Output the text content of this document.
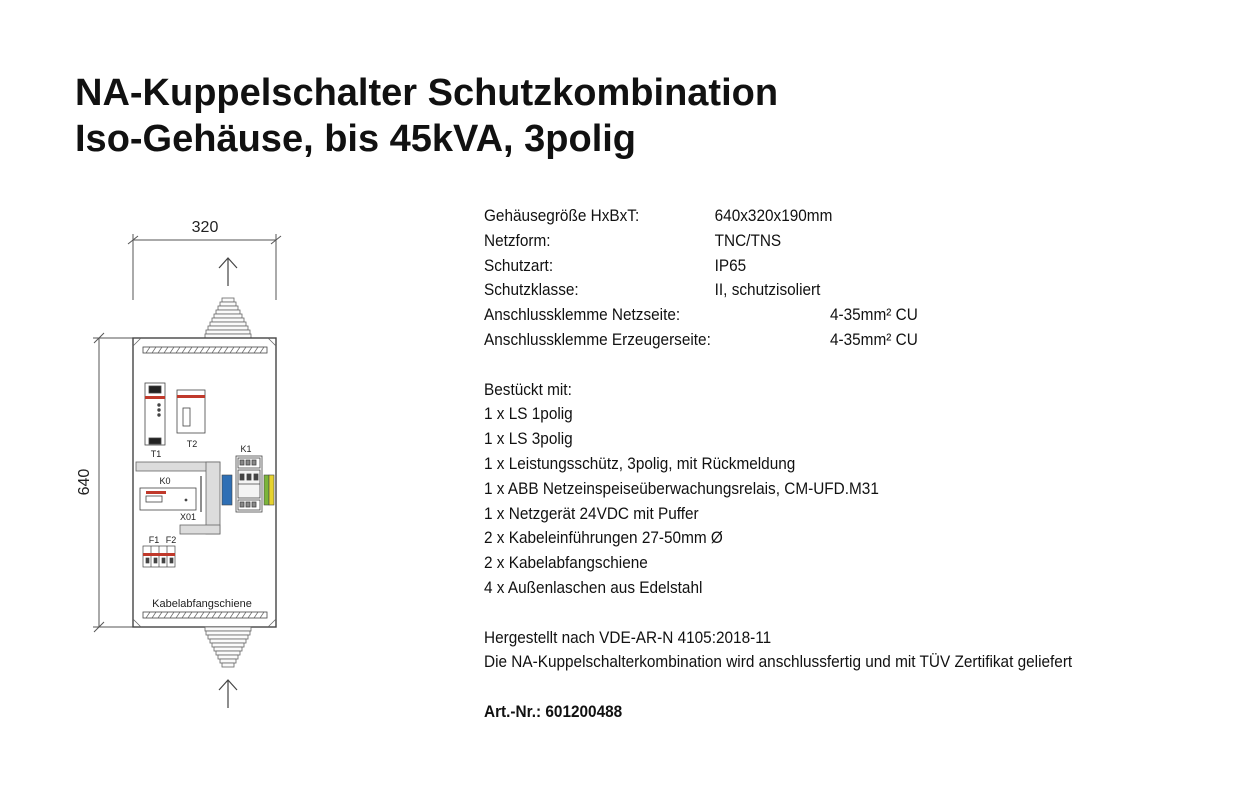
NA-Kuppelschalter Schutzkombination
Iso-Gehäuse, bis 45kVA, 3polig
320
640
T1
T2	K1
K0
X01
F1 F2
Kabelabfangschiene
Gehäusegröße HxBxT:	640x320x190mm
Netzform:	TNC/TNS
Schutzart:	IP65
Schutzklasse:	II, schutzisoliert
Anschlussklemme Netzseite:	4-35mm² CU
Anschlussklemme Erzeugerseite:	4-35mm² CU
Bestückt mit:
1 x LS 1polig
1 x LS 3polig
1 x Leistungsschütz, 3polig, mit Rückmeldung
1 x ABB Netzeinspeiseüberwachungsrelais, CM-UFD.M31
1 x Netzgerät 24VDC mit Puffer
2 x Kabeleinführungen 27-50mm Ø
2 x Kabelabfangschiene
4 x Außenlaschen aus Edelstahl
Hergestellt nach VDE-AR-N 4105:2018-11
Die NA-Kuppelschalterkombination wird anschlussfertig und mit TÜV Zertifikat geliefert
Art.-Nr.: 601200488
